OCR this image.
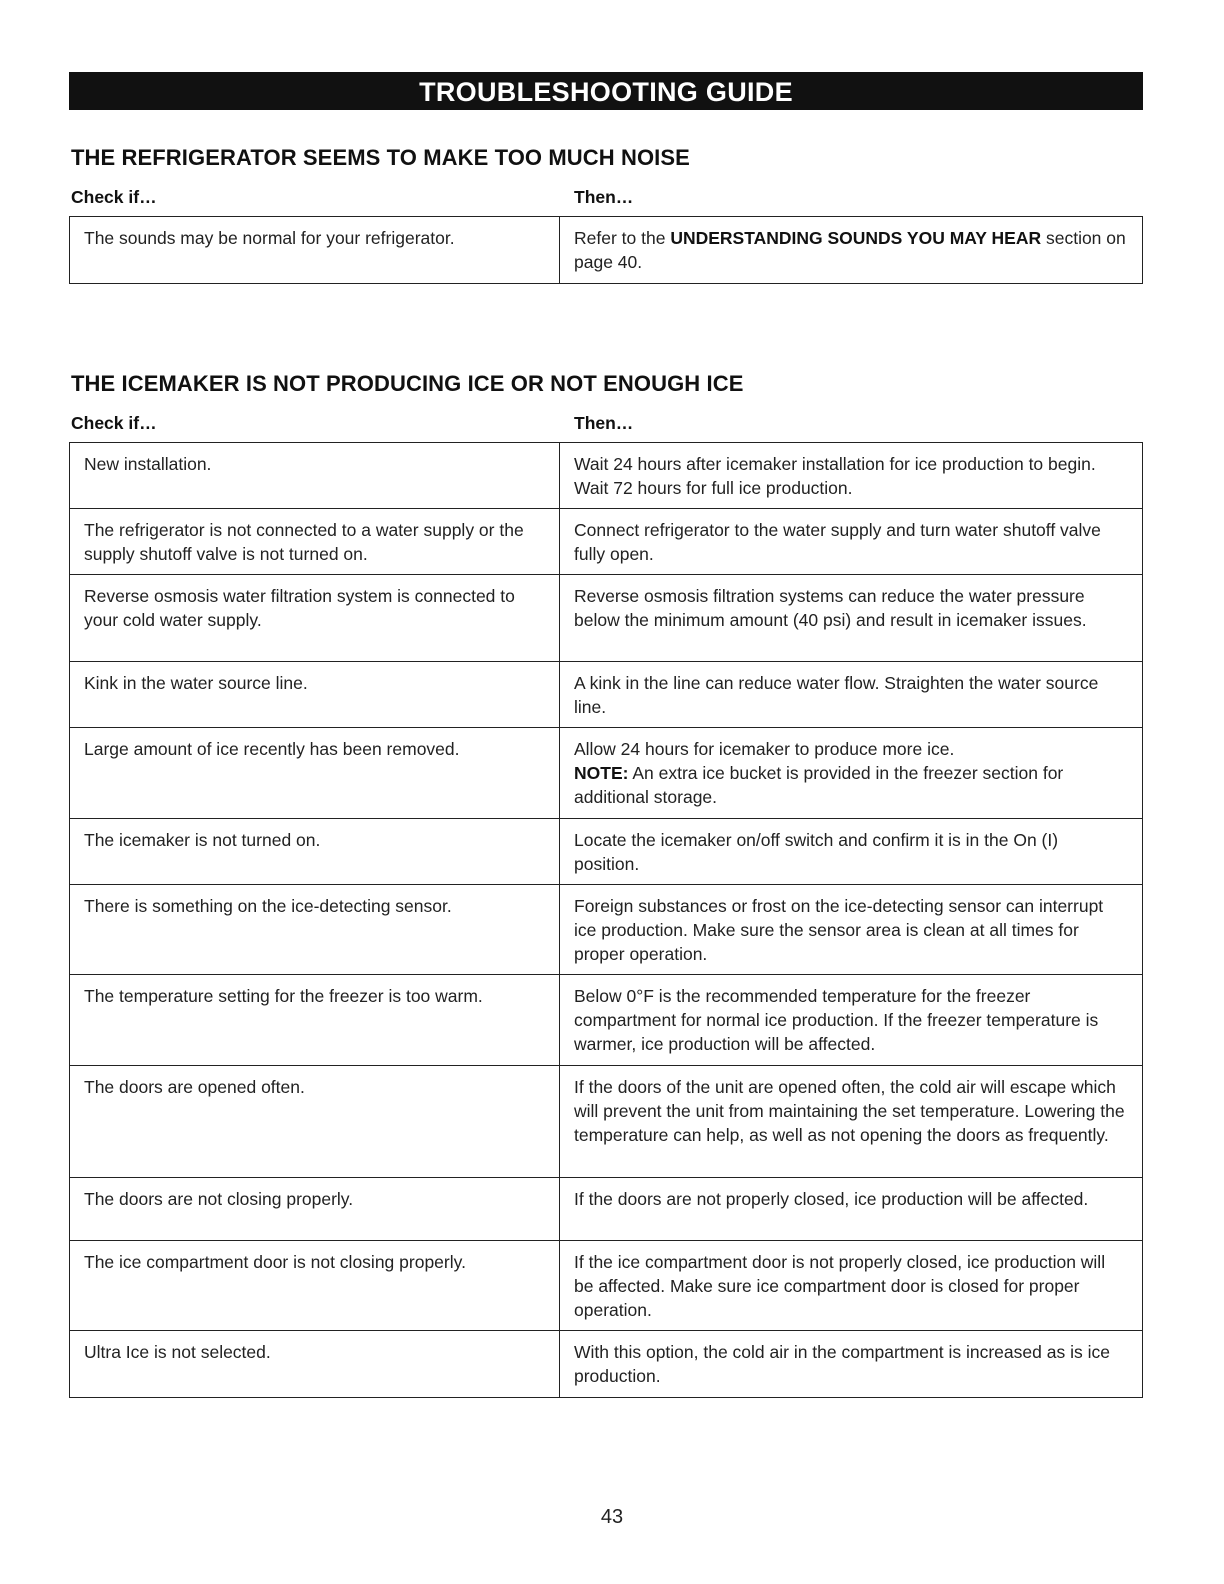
TROUBLESHOOTING GUIDE
THE REFRIGERATOR SEEMS TO MAKE TOO MUCH NOISE
Check if…	Then…
The sounds may be normal for your refrigerator.	Refer to the UNDERSTANDING SOUNDS YOU MAY HEAR section on page 40.
THE ICEMAKER IS NOT PRODUCING ICE OR NOT ENOUGH ICE
Check if…	Then…
New installation.	Wait 24 hours after icemaker installation for ice production to begin. Wait 72 hours for full ice production.
The refrigerator is not connected to a water supply or the supply shutoff valve is not turned on.	Connect refrigerator to the water supply and turn water shutoff valve fully open.
Reverse osmosis water filtration system is connected to your cold water supply.	Reverse osmosis filtration systems can reduce the water pressure below the minimum amount (40 psi) and result in icemaker issues.
Kink in the water source line.	A kink in the line can reduce water flow. Straighten the water source line.
Large amount of ice recently has been removed.	Allow 24 hours for icemaker to produce more ice.
NOTE: An extra ice bucket is provided in the freezer section for additional storage.

The icemaker is not turned on.	Locate the icemaker on/off switch and confirm it is in the On (I) position.
There is something on the ice-detecting sensor.	Foreign substances or frost on the ice-detecting sensor can interrupt ice production. Make sure the sensor area is clean at all times for proper operation.
The temperature setting for the freezer is too warm.	Below 0°F is the recommended temperature for the freezer compartment for normal ice production. If the freezer temperature is warmer, ice production will be affected.
The doors are opened often.	If the doors of the unit are opened often, the cold air will escape which will prevent the unit from maintaining the set temperature. Lowering the temperature can help, as well as not opening the doors as frequently.
The doors are not closing properly.	If the doors are not properly closed, ice production will be affected.
The ice compartment door is not closing properly.	If the ice compartment door is not properly closed, ice production will be affected. Make sure ice compartment door is closed for proper operation.
Ultra Ice is not selected.	With this option, the cold air in the compartment is increased as is ice production.
43
